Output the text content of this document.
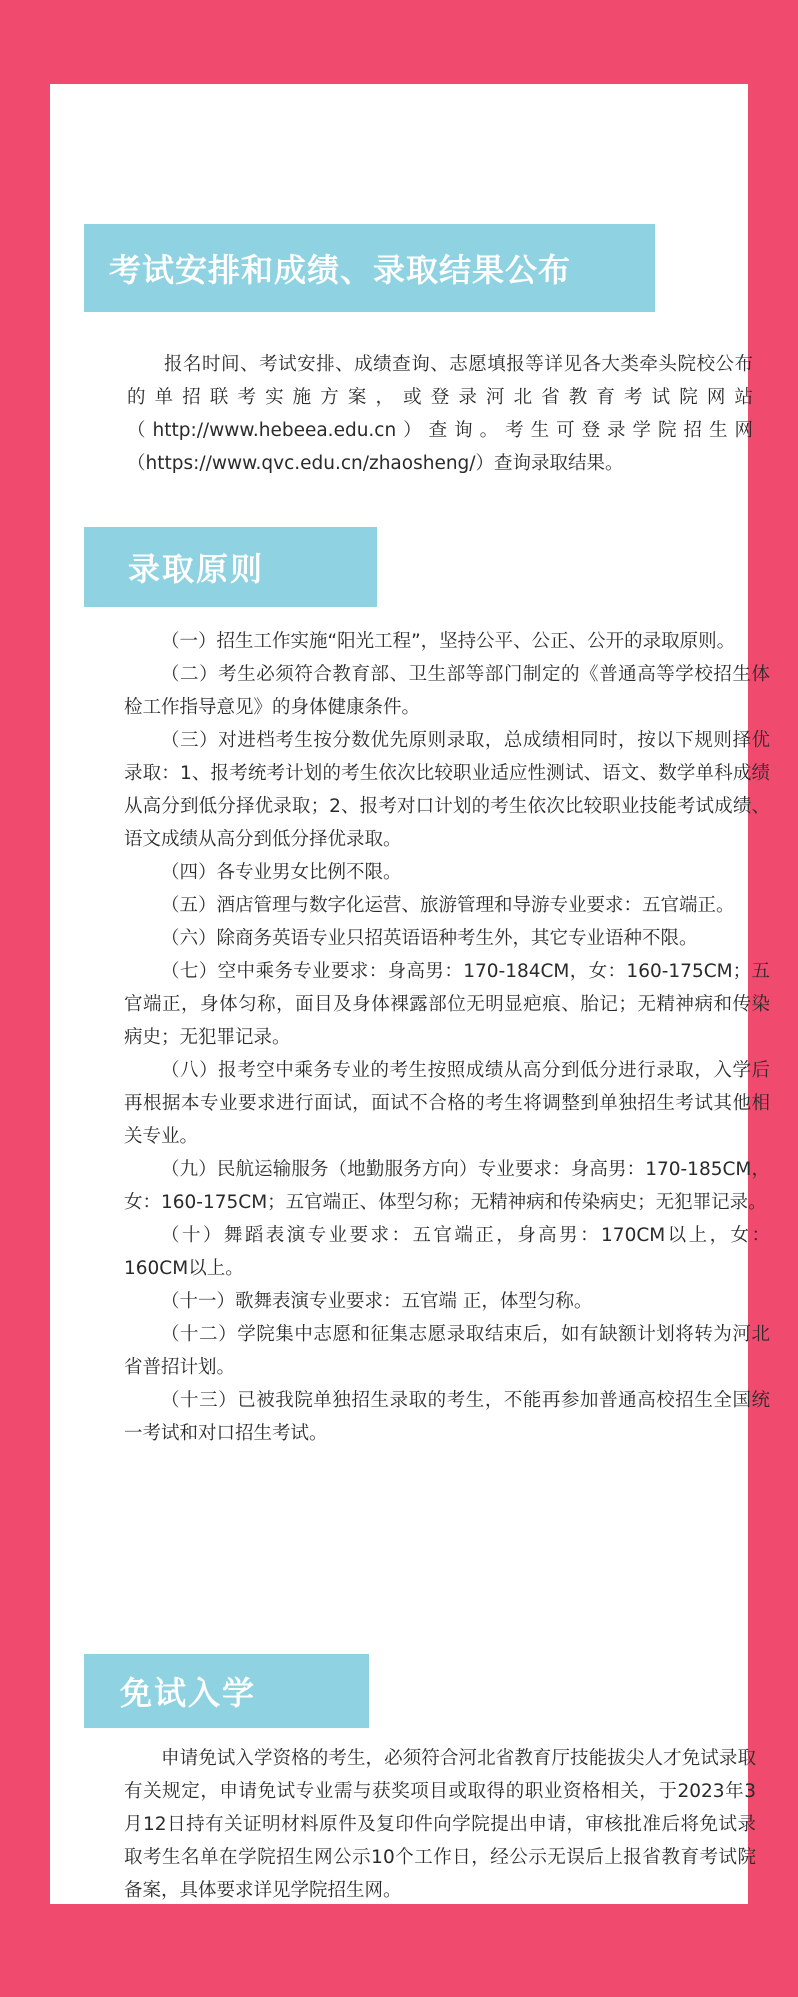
考试安排和成绩、录取结果公布

报名时间、考试安排、成绩查询、志愿填报等详见各大类牵头院校公布的单招联考实施方案，或登录河北省教育考试院网站（http://www.hebeea.edu.cn）查询。考生可登录学院招生网（https://www.qvc.edu.cn/zhaosheng/）查询录取结果。

录取原则

（一）招生工作实施“阳光工程”，坚持公平、公正、公开的录取原则。

（二）考生必须符合教育部、卫生部等部门制定的《普通高等学校招生体检工作指导意见》的身体健康条件。

（三）对进档考生按分数优先原则录取，总成绩相同时，按以下规则择优录取：1、报考统考计划的考生依次比较职业适应性测试、语文、数学单科成绩从高分到低分择优录取；2、报考对口计划的考生依次比较职业技能考试成绩、语文成绩从高分到低分择优录取。

（四）各专业男女比例不限。

（五）酒店管理与数字化运营、旅游管理和导游专业要求：五官端正。

（六）除商务英语专业只招英语语种考生外，其它专业语种不限。

（七）空中乘务专业要求：身高男：170-184CM，女：160-175CM；五官端正，身体匀称，面目及身体裸露部位无明显疤痕、胎记；无精神病和传染病史；无犯罪记录。

（八）报考空中乘务专业的考生按照成绩从高分到低分进行录取，入学后再根据本专业要求进行面试，面试不合格的考生将调整到单独招生考试其他相关专业。

（九）民航运输服务（地勤服务方向）专业要求：身高男：170-185CM，女：160-175CM；五官端正、体型匀称；无精神病和传染病史；无犯罪记录。

（十）舞蹈表演专业要求：五官端正，身高男：170CM以上，女：160CM以上。

（十一）歌舞表演专业要求：五官端 正，体型匀称。

（十二）学院集中志愿和征集志愿录取结束后，如有缺额计划将转为河北省普招计划。

（十三）已被我院单独招生录取的考生，不能再参加普通高校招生全国统一考试和对口招生考试。

免试入学

申请免试入学资格的考生，必须符合河北省教育厅技能拔尖人才免试录取有关规定，申请免试专业需与获奖项目或取得的职业资格相关，于2023年3月12日持有关证明材料原件及复印件向学院提出申请，审核批准后将免试录取考生名单在学院招生网公示10个工作日，经公示无误后上报省教育考试院备案，具体要求详见学院招生网。
